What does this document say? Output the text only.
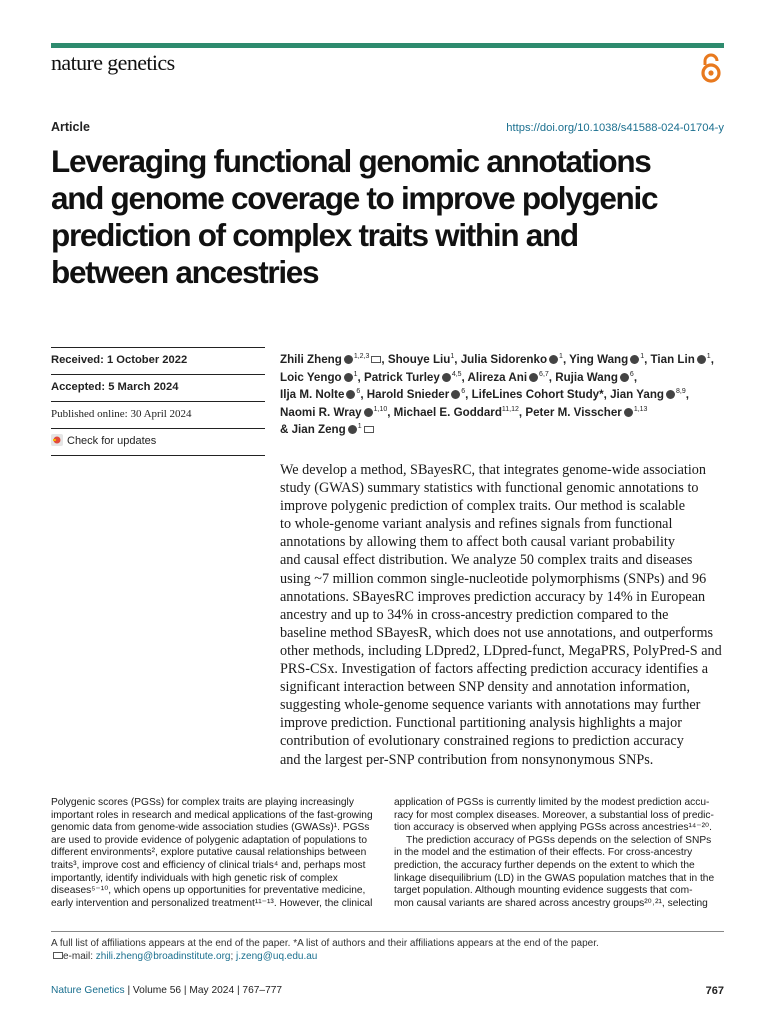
nature genetics
Article	https://doi.org/10.1038/s41588-024-01704-y
Leveraging functional genomic annotations
and genome coverage to improve polygenic
prediction of complex traits within and
between ancestries
Received: 1 October 2022
Accepted: 5 March 2024
Published online: 30 April 2024
Check for updates
Zhili Zheng $^{1,2,3}$ , Shouye Liu$^1$, Julia Sidorenko $^1$, Ying Wang $^1$, Tian Lin $^1$,
Loic Yengo $^1$, Patrick Turley $^{4,5}$, Alireza Ani $^{6,7}$, Rujia Wang $^6$,
Ilja M. Nolte $^6$, Harold Snieder $^6$, LifeLines Cohort Study*, Jian Yang $^{8,9}$,
Naomi R. Wray $^{1,10}$, Michael E. Goddard$^{11,12}$, Peter M. Visscher $^{1,13}$
& Jian Zeng $^1$
We develop a method, SBayesRC, that integrates genome-wide association
study (GWAS) summary statistics with functional genomic annotations to
improve polygenic prediction of complex traits. Our method is scalable
to whole-genome variant analysis and refines signals from functional
annotations by allowing them to affect both causal variant probability
and causal effect distribution. We analyze 50 complex traits and diseases
using ~7 million common single-nucleotide polymorphisms (SNPs) and 96
annotations. SBayesRC improves prediction accuracy by 14% in European
ancestry and up to 34% in cross-ancestry prediction compared to the
baseline method SBayesR, which does not use annotations, and outperforms
other methods, including LDpred2, LDpred-funct, MegaPRS, PolyPred-S and
PRS-CSx. Investigation of factors affecting prediction accuracy identifies a
significant interaction between SNP density and annotation information,
suggesting whole-genome sequence variants with annotations may further
improve prediction. Functional partitioning analysis highlights a major
contribution of evolutionary constrained regions to prediction accuracy
and the largest per-SNP contribution from nonsynonymous SNPs.
Polygenic scores (PGSs) for complex traits are playing increasingly
important roles in research and medical applications of the fast-growing
genomic data from genome-wide association studies (GWASs)¹. PGSs
are used to provide evidence of polygenic adaptation of populations to
different environments², explore putative causal relationships between
traits³, improve cost and efficiency of clinical trials⁴ and, perhaps most
importantly, identify individuals with high genetic risk of complex
diseases⁵⁻¹⁰, which opens up opportunities for preventative medicine,
early intervention and personalized treatment¹¹⁻¹³. However, the clinical
application of PGSs is currently limited by the modest prediction accu-
racy for most complex diseases. Moreover, a substantial loss of predic-
tion accuracy is observed when applying PGSs across ancestries¹⁴⁻²⁰.
The prediction accuracy of PGSs depends on the selection of SNPs
in the model and the estimation of their effects. For cross-ancestry
prediction, the accuracy further depends on the extent to which the
linkage disequilibrium (LD) in the GWAS population matches that in the
target population. Although mounting evidence suggests that com-
mon causal variants are shared across ancestry groups²⁰˒²¹, selecting
A full list of affiliations appears at the end of the paper. *A list of authors and their affiliations appears at the end of the paper.
e-mail: zhili.zheng@broadinstitute.org; j.zeng@uq.edu.au
Nature Genetics | Volume 56 | May 2024 | 767–777	767
